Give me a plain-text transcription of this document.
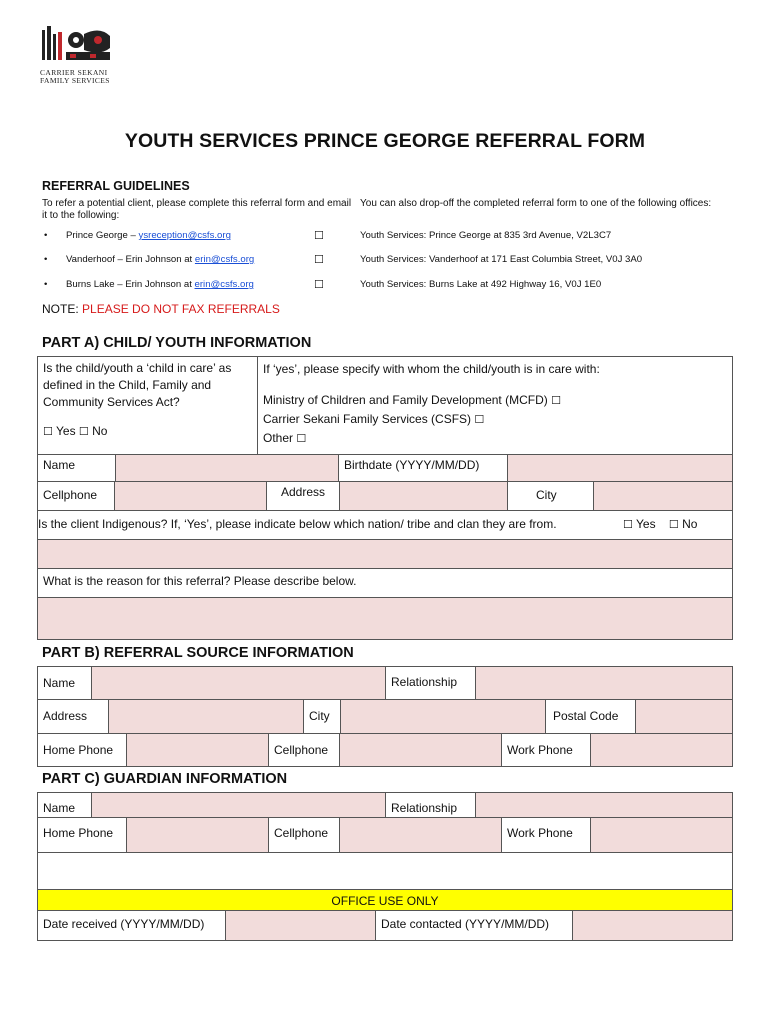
CARRIER SEKANI
FAMILY SERVICES
YOUTH SERVICES PRINCE GEORGE REFERRAL FORM
REFERRAL GUIDELINES
To refer a potential client, please complete this referral form and email it to the following:
You can also drop-off the completed referral form to one of the following offices:
• Prince George – ysreception@csfs.org	☐	Youth Services: Prince George at 835 3rd Avenue, V2L3C7
• Vanderhoof – Erin Johnson at erin@csfs.org	☐	Youth Services: Vanderhoof at 171 East Columbia Street, V0J 3A0
• Burns Lake – Erin Johnson at erin@csfs.org	☐	Youth Services: Burns Lake at 492 Highway 16, V0J 1E0
NOTE: PLEASE DO NOT FAX REFERRALS
PART A) CHILD/ YOUTH INFORMATION
Is the child/youth a ‘child in care’ as defined in the Child, Family and Community Services Act?
☐ Yes ☐ No
If ‘yes’, please specify with whom the child/youth is in care with:
Ministry of Children and Family Development (MCFD) ☐
Carrier Sekani Family Services (CSFS) ☐
Other ☐
Name	Birthdate (YYYY/MM/DD)
Cellphone	Address	City
Is the client Indigenous? If, ‘Yes’, please indicate below which nation/ tribe and clan they are from.	☐ Yes ☐ No
What is the reason for this referral? Please describe below.
PART B) REFERRAL SOURCE INFORMATION
Name	Relationship
Address	City	Postal Code
Home Phone	Cellphone	Work Phone
PART C) GUARDIAN INFORMATION
Name	Relationship
Home Phone	Cellphone	Work Phone
OFFICE USE ONLY
Date received (YYYY/MM/DD)	Date contacted (YYYY/MM/DD)
